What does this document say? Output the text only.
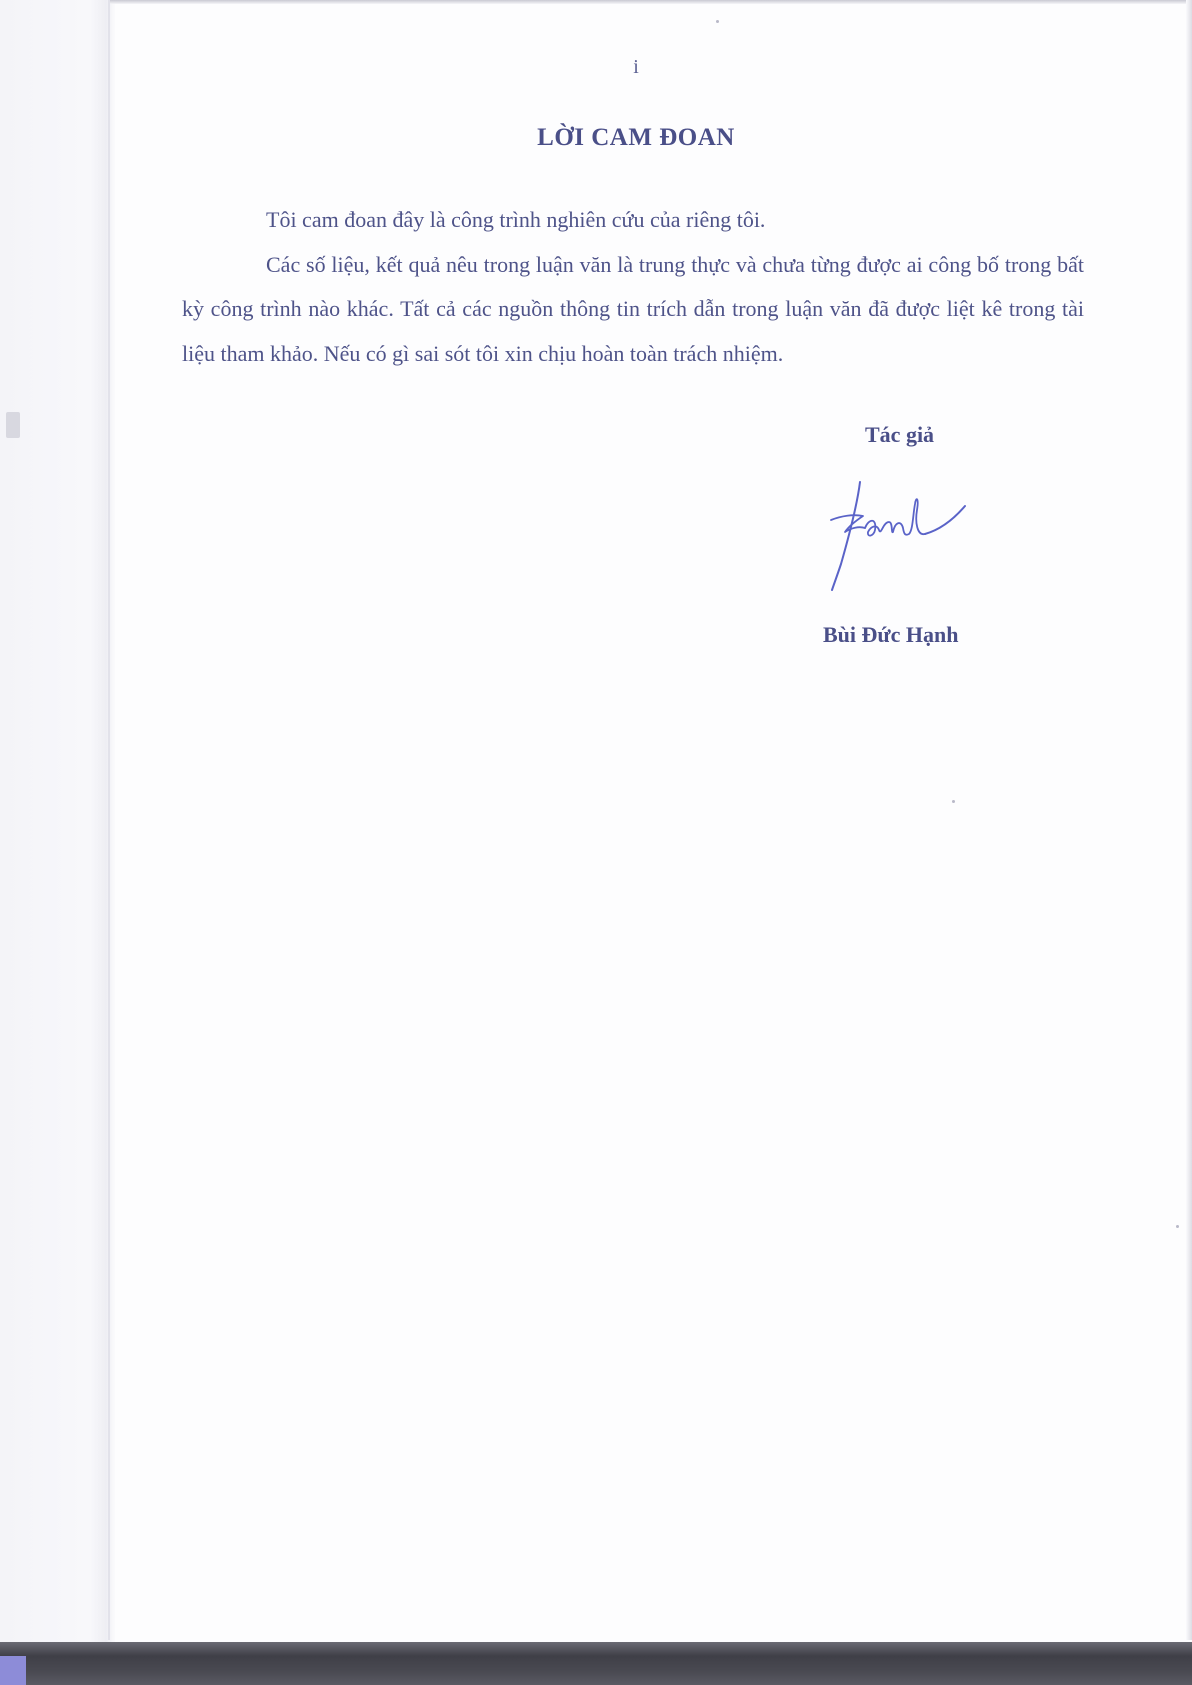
i
LỜI CAM ĐOAN

Tôi cam đoan đây là công trình nghiên cứu của riêng tôi.

Các số liệu, kết quả nêu trong luận văn là trung thực và chưa từng được ai công bố trong bất kỳ công trình nào khác. Tất cả các nguồn thông tin trích dẫn trong luận văn đã được liệt kê trong tài liệu tham khảo. Nếu có gì sai sót tôi xin chịu hoàn toàn trách nhiệm.

Tác giả
Bùi Đức Hạnh
